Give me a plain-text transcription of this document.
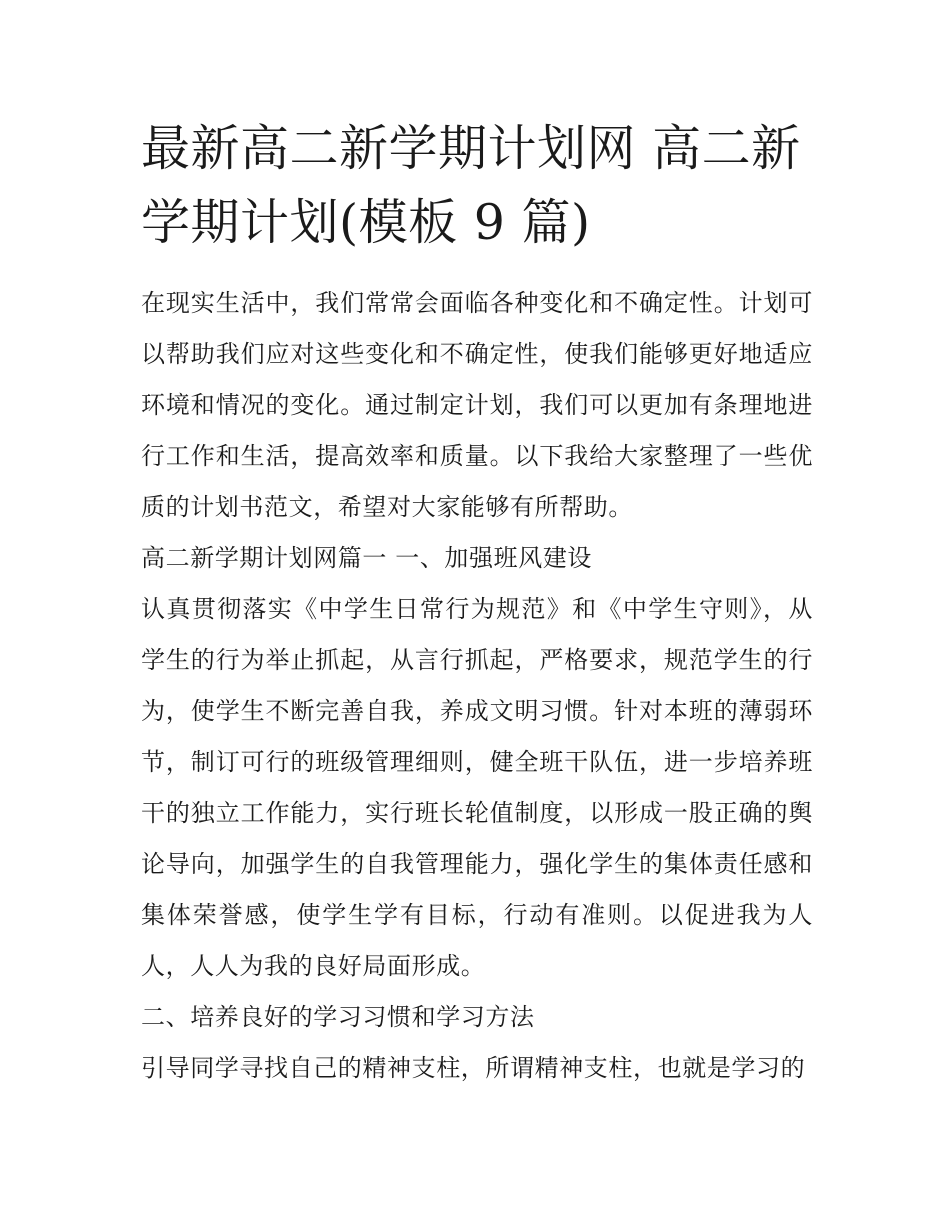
最新高二新学期计划网 高二新
学期计划(模板 9 篇)

在现实生活中，我们常常会面临各种变化和不确定性。计划可以帮助我们应对这些变化和不确定性，使我们能够更好地适应环境和情况的变化。通过制定计划，我们可以更加有条理地进行工作和生活，提高效率和质量。以下我给大家整理了一些优质的计划书范文，希望对大家能够有所帮助。

高二新学期计划网篇一 一、加强班风建设

认真贯彻落实《中学生日常行为规范》和《中学生守则》，从学生的行为举止抓起，从言行抓起，严格要求，规范学生的行为，使学生不断完善自我，养成文明习惯。针对本班的薄弱环节，制订可行的班级管理细则，健全班干队伍，进一步培养班干的独立工作能力，实行班长轮值制度，以形成一股正确的舆论导向，加强学生的自我管理能力，强化学生的集体责任感和集体荣誉感，使学生学有目标，行动有准则。以促进我为人人，人人为我的良好局面形成。

二、培养良好的学习习惯和学习方法

引导同学寻找自己的精神支柱，所谓精神支柱，也就是学习的
